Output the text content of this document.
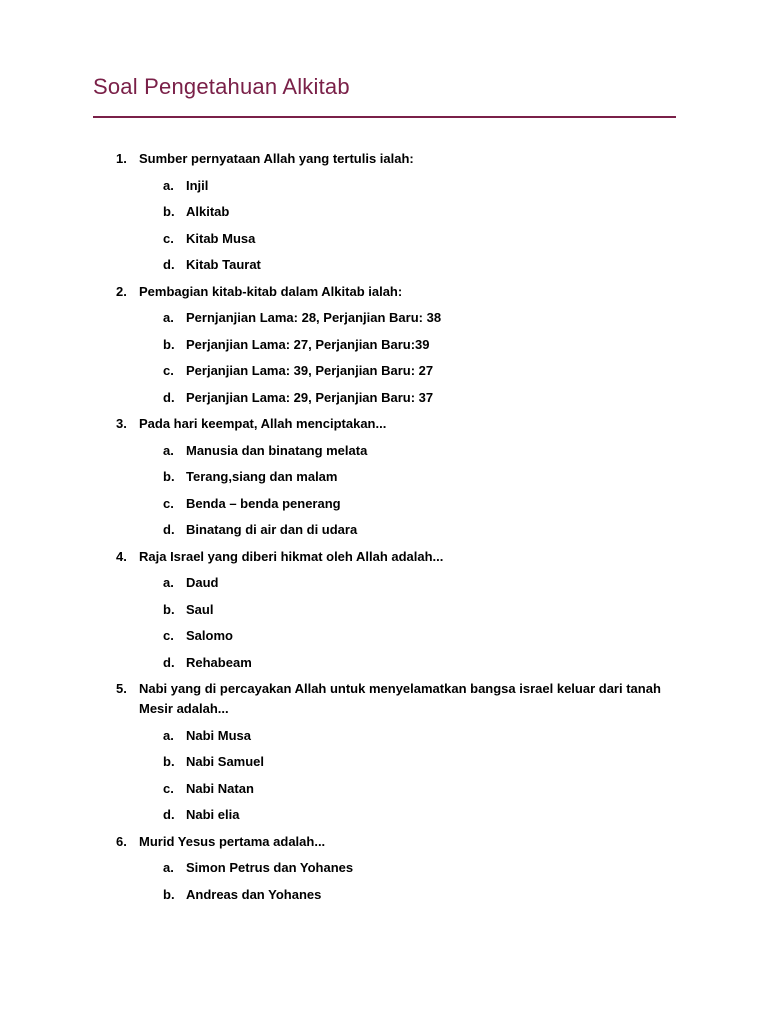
Soal Pengetahuan Alkitab
1. Sumber pernyataan Allah yang tertulis ialah:
a. Injil
b. Alkitab
c. Kitab Musa
d. Kitab Taurat
2. Pembagian kitab-kitab dalam Alkitab ialah:
a. Pernjanjian Lama: 28, Perjanjian Baru: 38
b. Perjanjian Lama: 27, Perjanjian Baru:39
c. Perjanjian Lama: 39, Perjanjian Baru: 27
d. Perjanjian Lama: 29, Perjanjian Baru: 37
3. Pada hari keempat, Allah menciptakan...
a. Manusia dan binatang melata
b. Terang,siang dan malam
c. Benda – benda penerang
d. Binatang di air dan di udara
4. Raja Israel yang diberi hikmat oleh Allah adalah...
a. Daud
b. Saul
c. Salomo
d. Rehabeam
5. Nabi yang di percayakan Allah untuk menyelamatkan bangsa israel keluar dari tanah Mesir adalah...
a. Nabi Musa
b. Nabi Samuel
c. Nabi Natan
d. Nabi elia
6. Murid Yesus pertama adalah...
a. Simon Petrus dan Yohanes
b. Andreas dan Yohanes
